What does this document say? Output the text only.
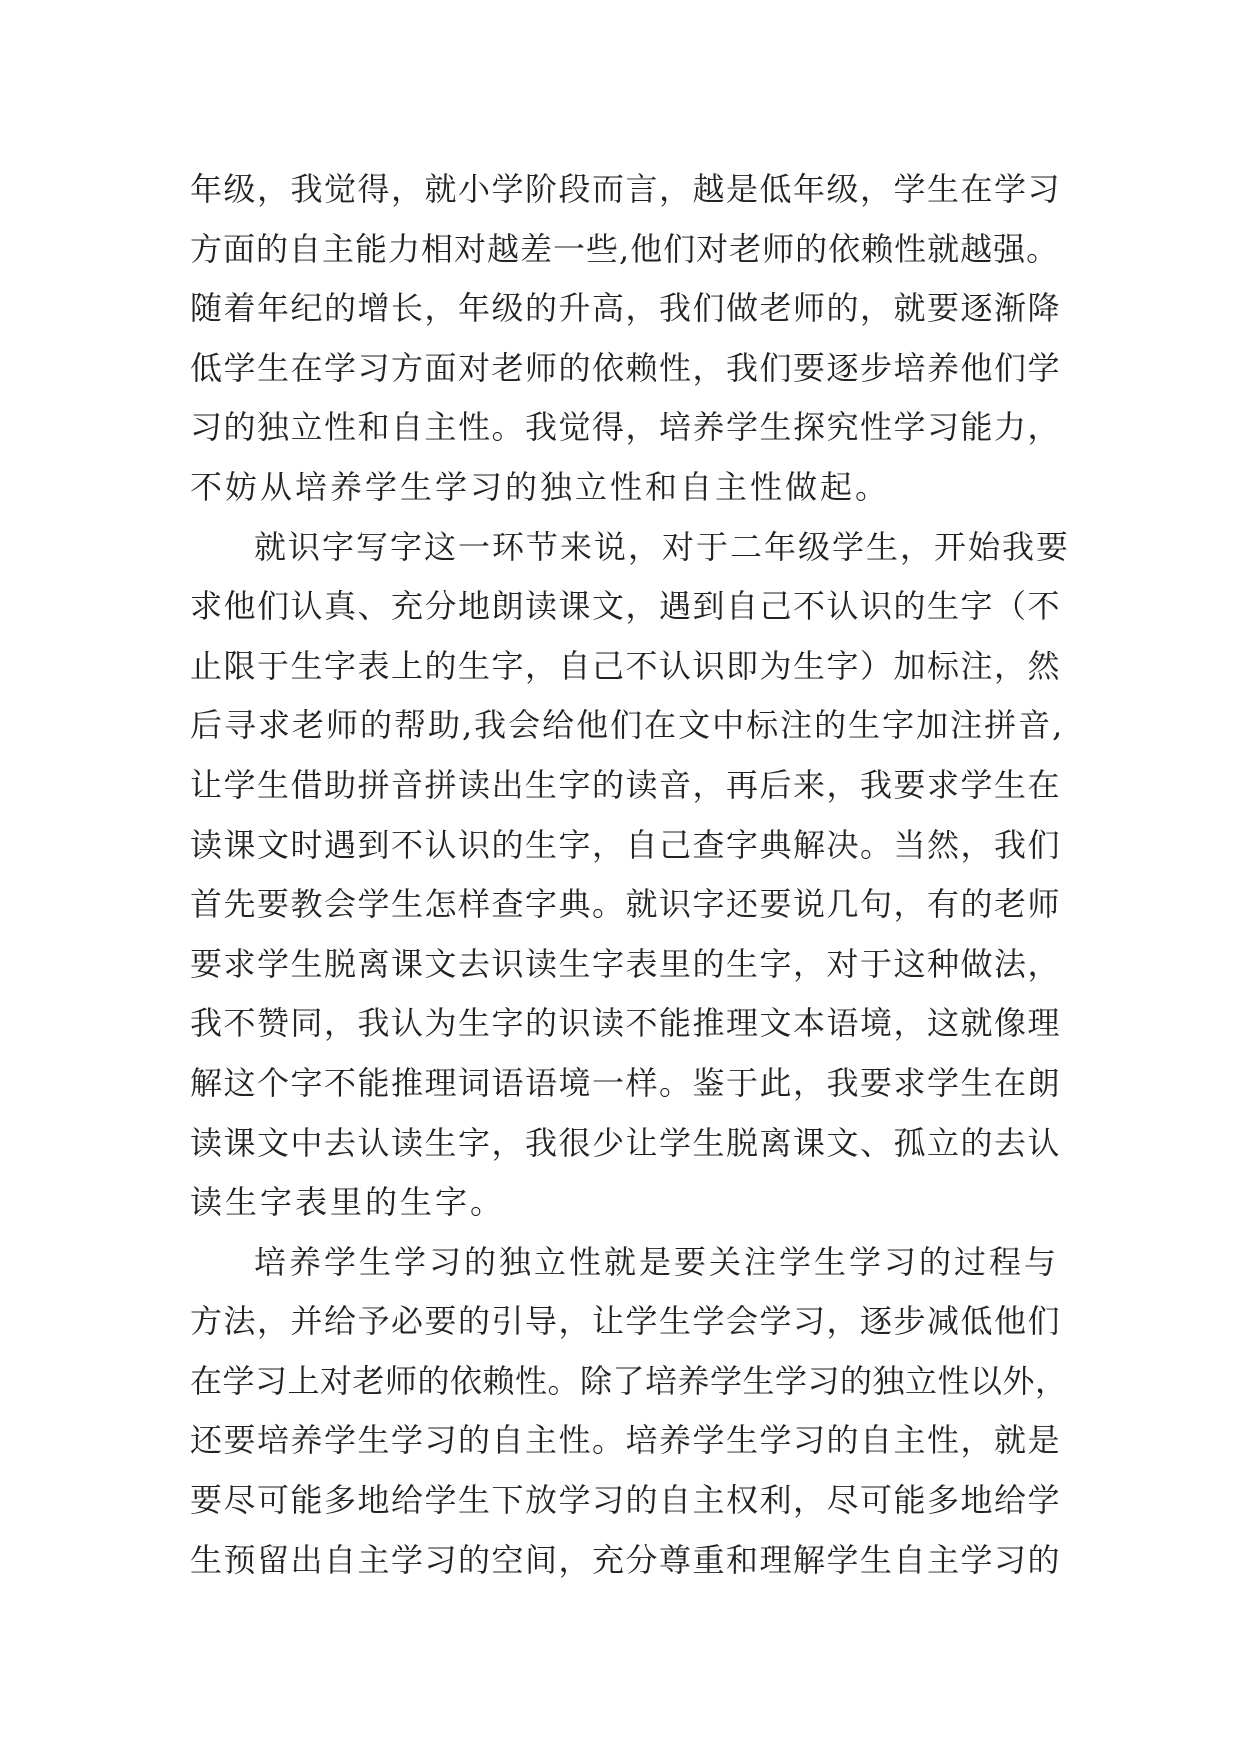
年级，我觉得，就小学阶段而言，越是低年级，学生在学习
方面的自主能力相对越差一些,他们对老师的依赖性就越强。
随着年纪的增长，年级的升高，我们做老师的，就要逐渐降
低学生在学习方面对老师的依赖性，我们要逐步培养他们学
习的独立性和自主性。我觉得，培养学生探究性学习能力，
不妨从培养学生学习的独立性和自主性做起。
就识字写字这一环节来说，对于二年级学生，开始我要
求他们认真、充分地朗读课文，遇到自己不认识的生字（不
止限于生字表上的生字，自己不认识即为生字）加标注，然
后寻求老师的帮助,我会给他们在文中标注的生字加注拼音,
让学生借助拼音拼读出生字的读音，再后来，我要求学生在
读课文时遇到不认识的生字，自己查字典解决。当然，我们
首先要教会学生怎样查字典。就识字还要说几句，有的老师
要求学生脱离课文去识读生字表里的生字，对于这种做法，
我不赞同，我认为生字的识读不能推理文本语境，这就像理
解这个字不能推理词语语境一样。鉴于此，我要求学生在朗
读课文中去认读生字，我很少让学生脱离课文、孤立的去认
读生字表里的生字。
培养学生学习的独立性就是要关注学生学习的过程与
方法，并给予必要的引导，让学生学会学习，逐步减低他们
在学习上对老师的依赖性。除了培养学生学习的独立性以外，
还要培养学生学习的自主性。培养学生学习的自主性，就是
要尽可能多地给学生下放学习的自主权利，尽可能多地给学
生预留出自主学习的空间，充分尊重和理解学生自主学习的
